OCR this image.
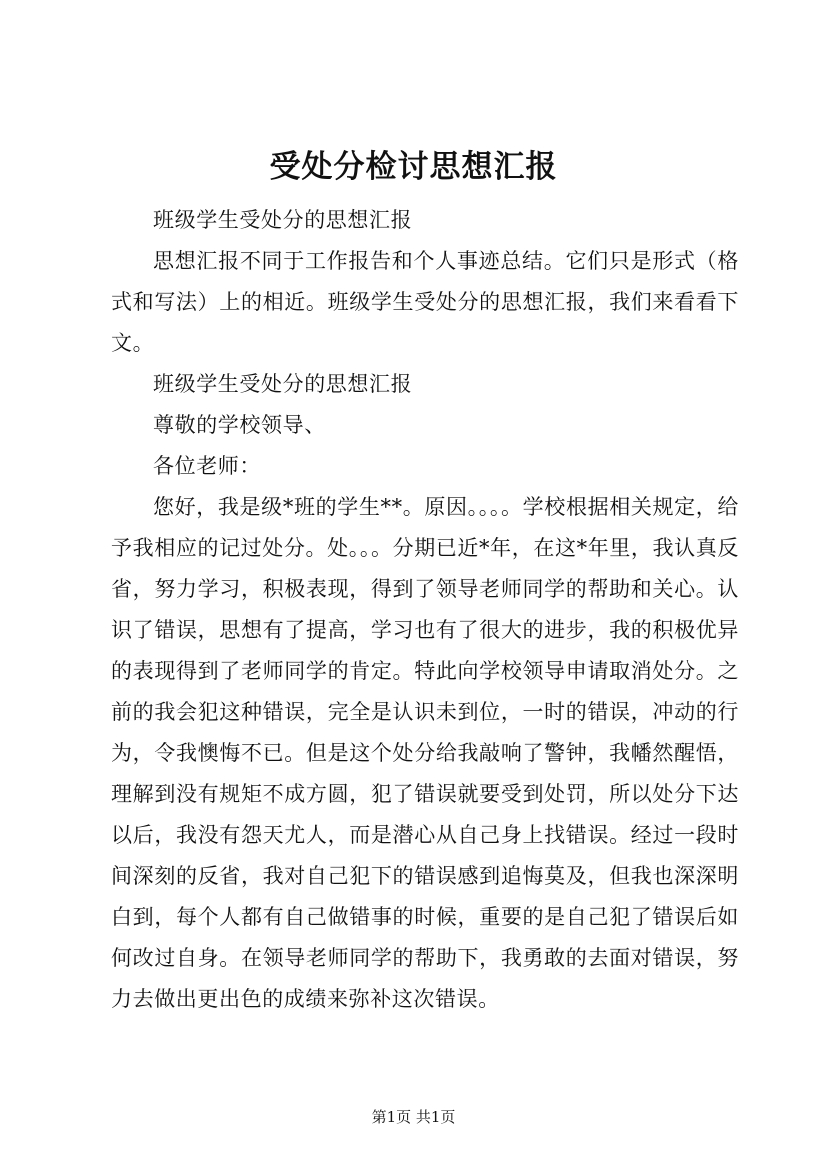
受处分检讨思想汇报

班级学生受处分的思想汇报

思想汇报不同于工作报告和个人事迹总结。它们只是形式（格式和写法）上的相近。班级学生受处分的思想汇报，我们来看看下文。

班级学生受处分的思想汇报

尊敬的学校领导、

各位老师：

您好，我是级*班的学生**。原因。。。。学校根据相关规定，给予我相应的记过处分。处。。。分期已近*年，在这*年里，我认真反省，努力学习，积极表现，得到了领导老师同学的帮助和关心。认识了错误，思想有了提高，学习也有了很大的进步，我的积极优异的表现得到了老师同学的肯定。特此向学校领导申请取消处分。之前的我会犯这种错误，完全是认识未到位，一时的错误，冲动的行为，令我懊悔不已。但是这个处分给我敲响了警钟，我幡然醒悟，理解到没有规矩不成方圆，犯了错误就要受到处罚，所以处分下达以后，我没有怨天尤人，而是潜心从自己身上找错误。经过一段时间深刻的反省，我对自己犯下的错误感到追悔莫及，但我也深深明白到，每个人都有自己做错事的时候，重要的是自己犯了错误后如何改过自身。在领导老师同学的帮助下，我勇敢的去面对错误，努力去做出更出色的成绩来弥补这次错误。

第1页 共1页
